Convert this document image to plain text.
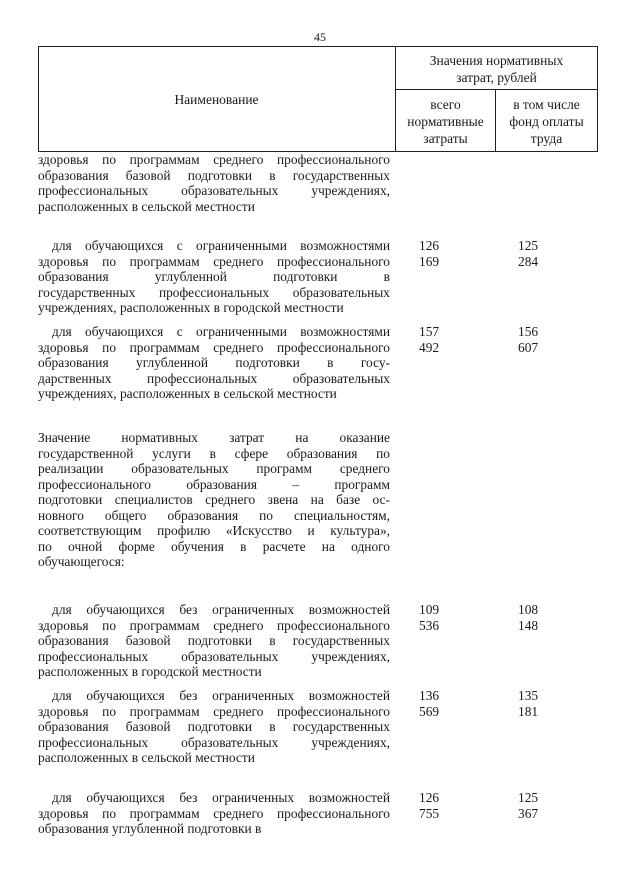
45
Наименование
Значения нормативных
затрат, рублей
всего
нормативные
затраты
в том числе
фонд оплаты
труда
здоровья по программам среднего профессионального
образования базовой подготовки в государственных
профессиональных образовательных учреждениях,
расположенных в сельской местности
для обучающихся с ограниченными возможностями
здоровья по программам среднего профессионального
образования углубленной подготовки в
государственных профессиональных образовательных
учреждениях, расположенных в городской местности
126 169
125 284
для обучающихся с ограниченными возможностями
здоровья по программам среднего профессионального
образования углубленной подготовки в госу-
дарственных профессиональных образовательных
учреждениях, расположенных в сельской местности
157 492
156 607
Значение нормативных затрат на оказание
государственной услуги в сфере образования по
реализации образовательных программ среднего
профессионального образования – программ
подготовки специалистов среднего звена на базе ос-
новного общего образования по специальностям,
соответствующим профилю «Искусство и культура»,
по очной форме обучения в расчете на одного
обучающегося:
для обучающихся без ограниченных возможностей
здоровья по программам среднего профессионального
образования базовой подготовки в государственных
профессиональных образовательных учреждениях,
расположенных в городской местности
109 536
108 148
для обучающихся без ограниченных возможностей
здоровья по программам среднего профессионального
образования базовой подготовки в государственных
профессиональных образовательных учреждениях,
расположенных в сельской местности
136 569
135 181
для обучающихся без ограниченных возможностей
здоровья по программам среднего профессионального
образования углубленной подготовки в
126 755
125 367
